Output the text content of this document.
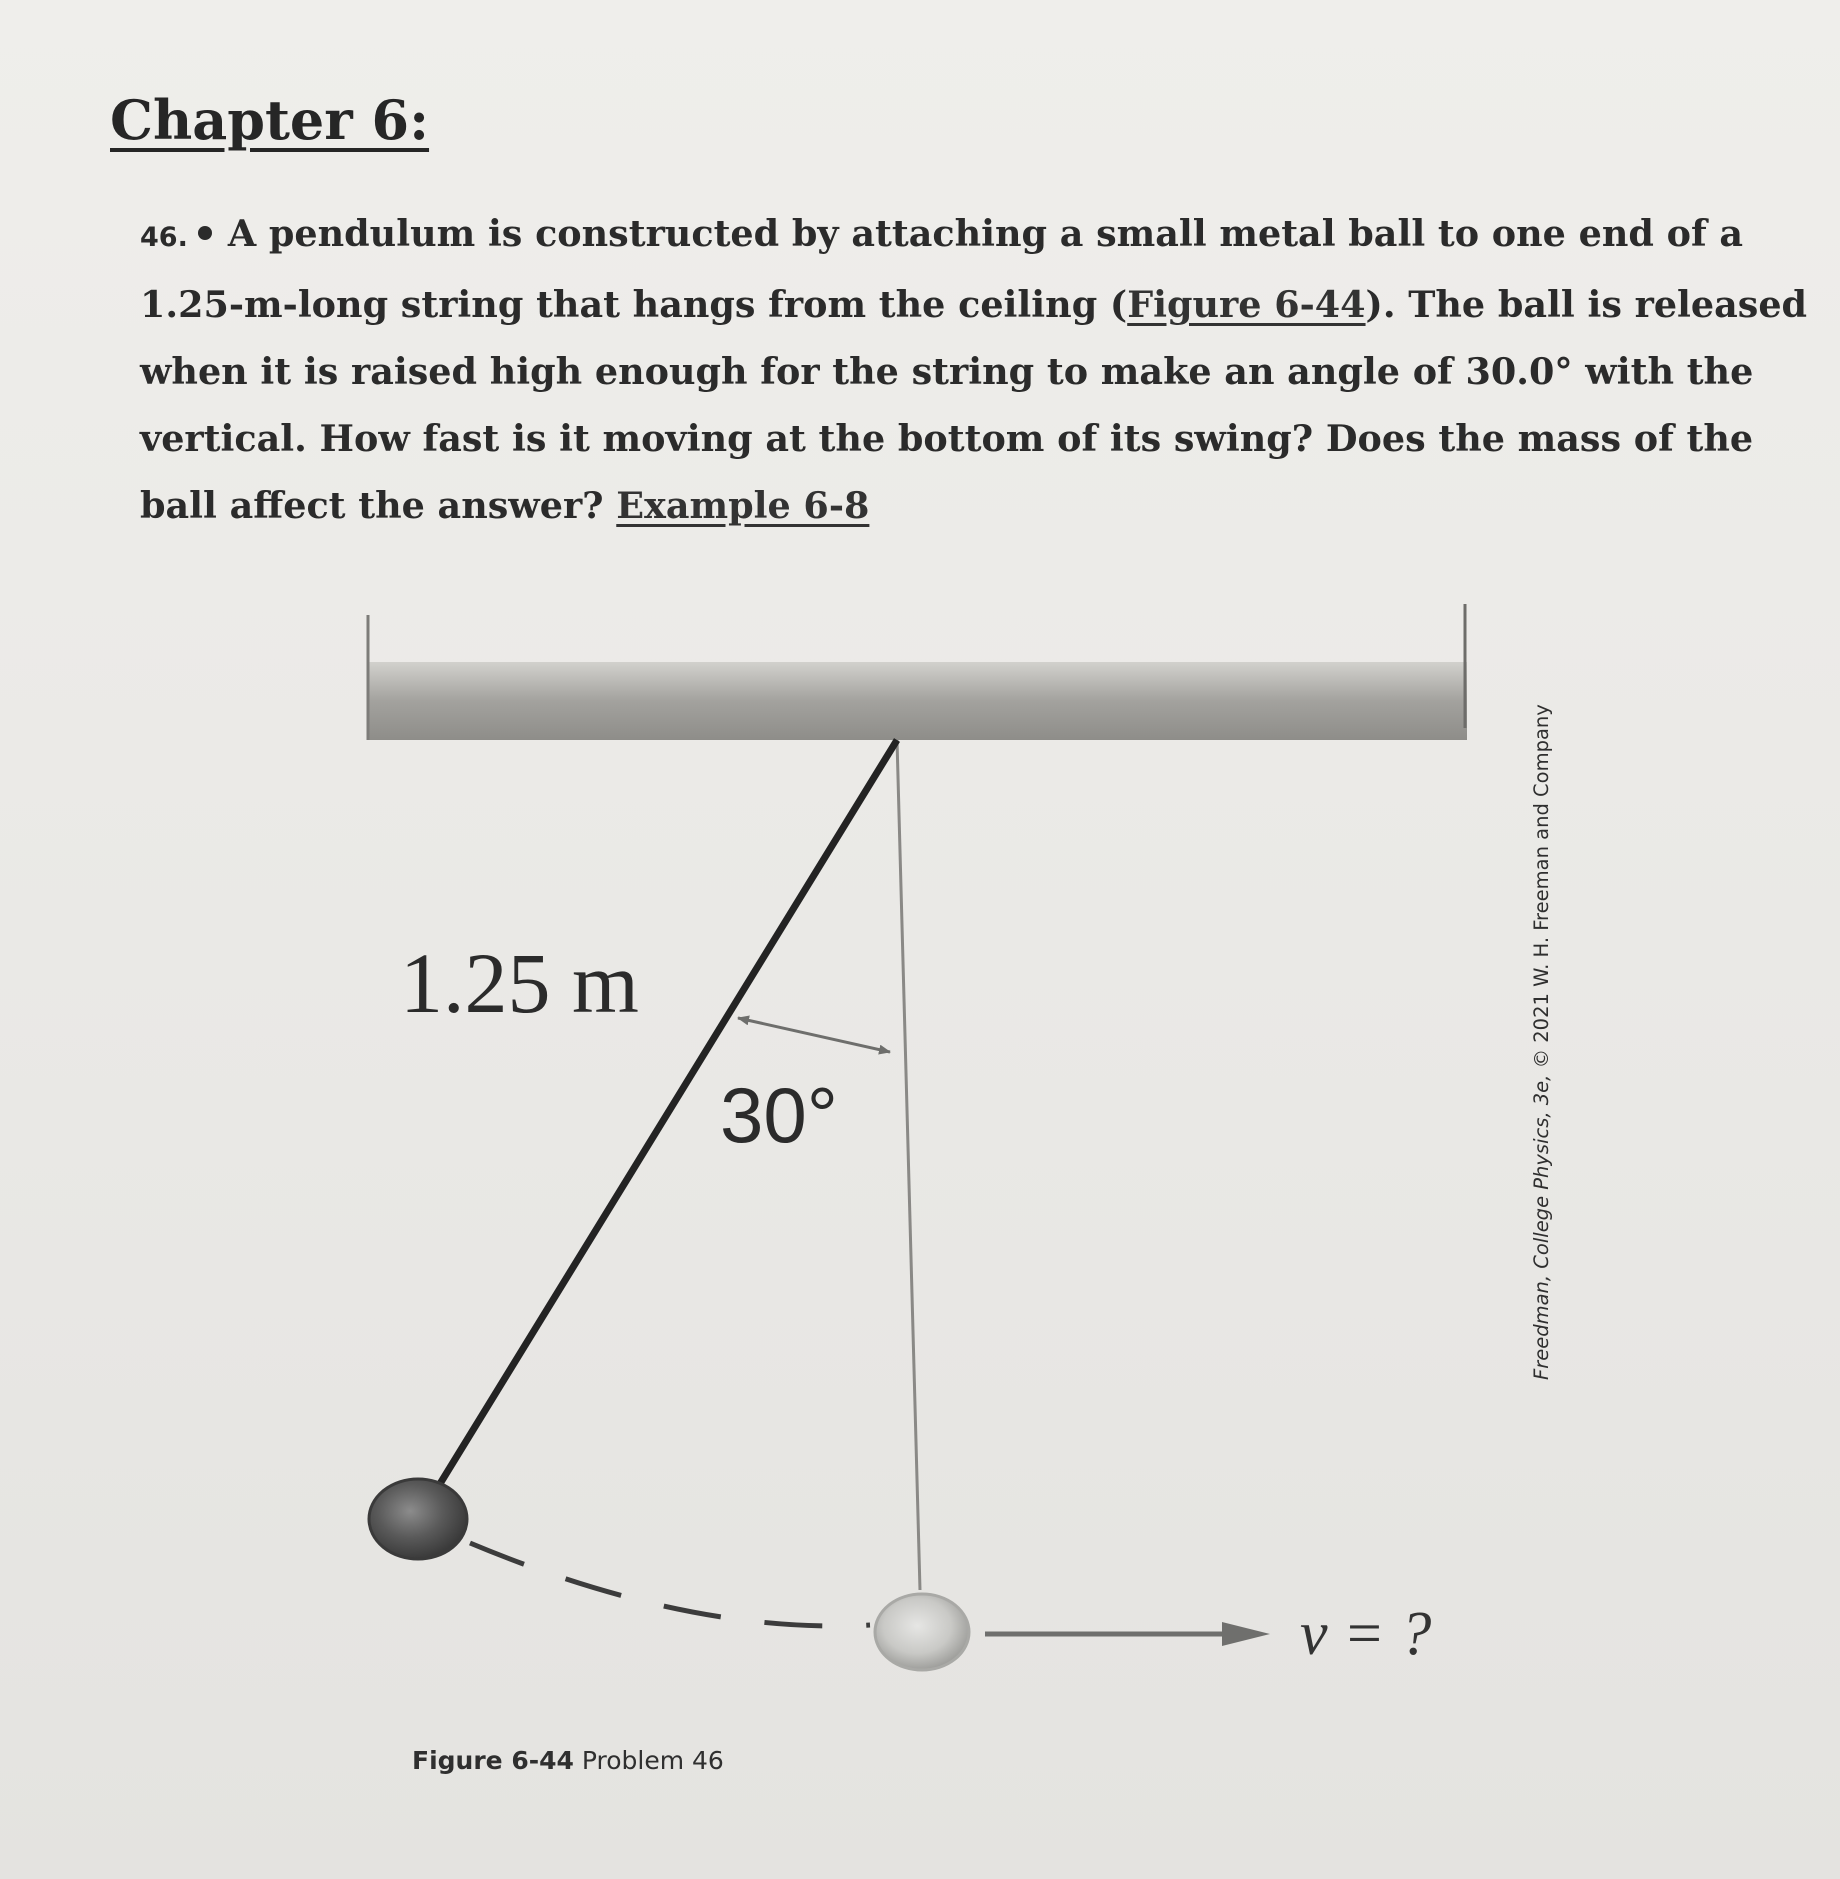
Chapter 6:
46. A pendulum is constructed by attaching a small metal ball to one end of a
1.25-m-long string that hangs from the ceiling (Figure 6-44). The ball is released
when it is raised high enough for the string to make an angle of 30.0° with the
vertical. How fast is it moving at the bottom of its swing? Does the mass of the
ball affect the answer? Example 6-8
1.25 m
30°
v = ?
Freedman, College Physics, 3e, © 2021 W. H. Freeman and Company
Figure 6-44 Problem 46
